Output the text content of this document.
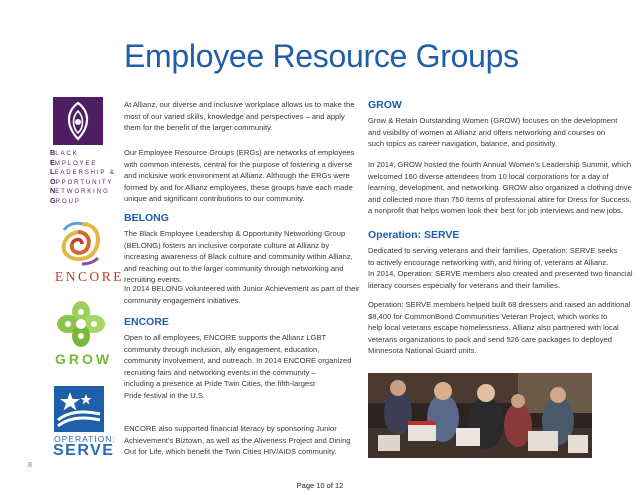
Employee Resource Groups
BLACK
EMPLOYEE
LEADERSHIP &
OPPORTUNITY
NETWORKING
GROUP
ENCORE
GROW
OPERATION:
SERVE
At Allianz, our diverse and inclusive workplace allows us to make the
most of our varied skills, knowledge and perspectives – and apply
them for the benefit of the larger community.
Our Employee Resource Groups (ERGs) are networks of employees
with common interests, central for the purpose of fostering a diverse
and inclusive work environment at Allianz. Although the ERGs were
formed by and for Allianz employees, these groups have each made
unique and significant contributions to our community.
BELONG
The Black Employee Leadership & Opportunity Networking Group
(BELONG) fosters an inclusive corporate culture at Allianz by
increasing awareness of Black culture and community within Allianz,
and reaching out to the larger community through networking and
recruiting events.
In 2014 BELONG volunteered with Junior Achievement as part of their
community engagement initiatives.
ENCORE
Open to all employees, ENCORE supports the Allianz LGBT
community through inclusion, ally engagement, education,
community involvement, and outreach. In 2014 ENCORE organized
recruiting fairs and networking events in the community –
including a presence at Pride Twin Cities, the fifth-largest
Pride festival in the U.S.
ENCORE also supported financial literacy by sponsoring Junior
Achievement’s Biztown, as well as the Aliveness Project and Dining
Out for Life, which benefit the Twin Cities HIV/AIDS community.
GROW
Grow & Retain Outstanding Women (GROW) focuses on the development
and visibility of women at Allianz and offers networking and courses on
such topics as career navigation, balance, and positivity.
In 2014, GROW hosted the fourth Annual Women’s Leadership Summit, which
welcomed 160 diverse attendees from 10 local corporations for a day of
learning, development, and networking. GROW also organized a clothing drive
and collected more than 750 items of professional attire for Dress for Success,
a nonprofit that helps women look their best for job interviews and new jobs.
Operation: SERVE
Dedicated to serving veterans and their families, Operation: SERVE seeks
to actively encourage networking with, and hiring of, veterans at Allianz.
In 2014, Operation: SERVE members also created and presented two financial
literacy courses especially for veterans and their families.
Operation: SERVE members helped built 68 dressers and raised an additional
$8,400 for CommonBond Communities Veteran Project, which works to
help local veterans escape homelessness. Allianz also partnered with local
veterans organizations to pack and send 526 care packages to deployed
Minnesota National Guard units.
8
Page 10 of 12
